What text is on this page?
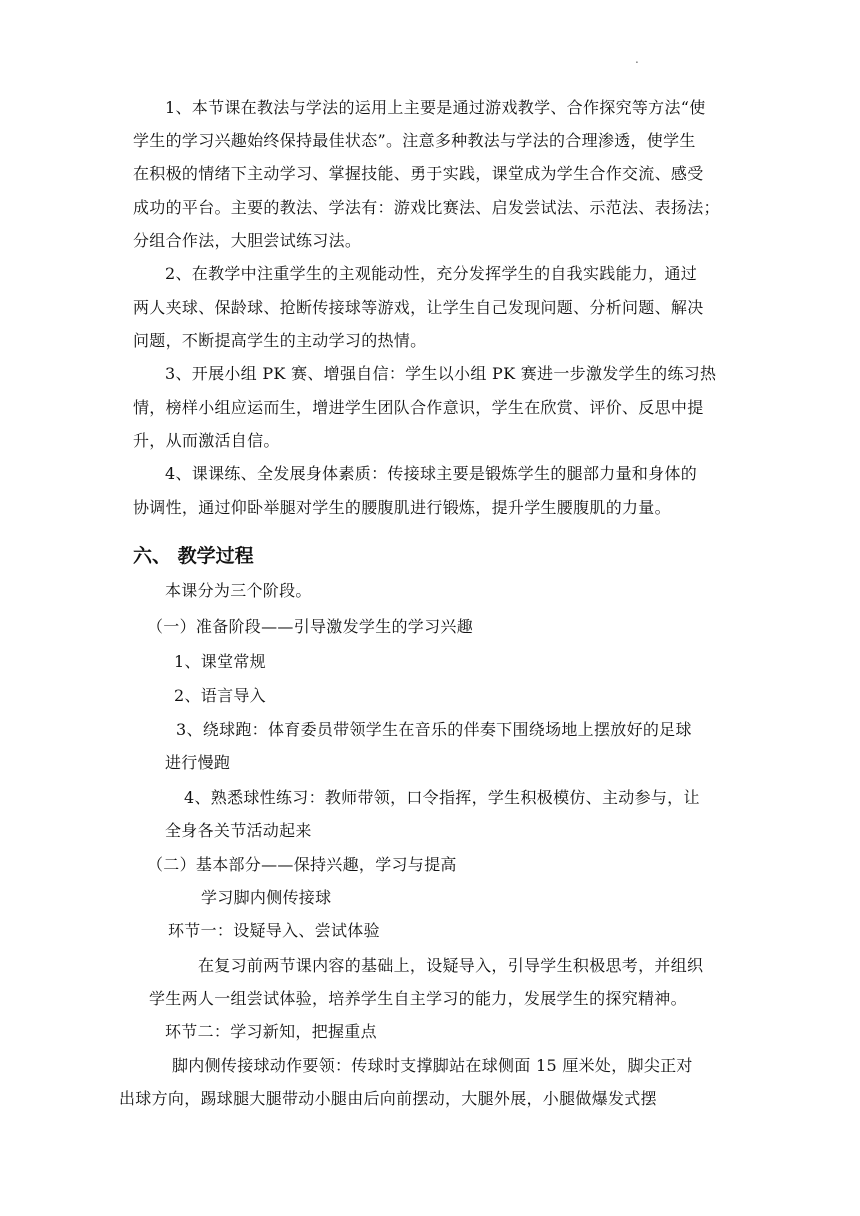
.
1、本节课在教法与学法的运用上主要是通过游戏教学、合作探究等方法“使
学生的学习兴趣始终保持最佳状态”。注意多种教法与学法的合理渗透，使学生
在积极的情绪下主动学习、掌握技能、勇于实践，课堂成为学生合作交流、感受
成功的平台。主要的教法、学法有：游戏比赛法、启发尝试法、示范法、表扬法；
分组合作法，大胆尝试练习法。
2、在教学中注重学生的主观能动性，充分发挥学生的自我实践能力，通过
两人夹球、保龄球、抢断传接球等游戏，让学生自己发现问题、分析问题、解决
问题，不断提高学生的主动学习的热情。
3、开展小组 PK 赛、增强自信：学生以小组 PK 赛进一步激发学生的练习热
情，榜样小组应运而生，增进学生团队合作意识，学生在欣赏、评价、反思中提
升，从而激活自信。
4、课课练、全发展身体素质：传接球主要是锻炼学生的腿部力量和身体的
协调性，通过仰卧举腿对学生的腰腹肌进行锻炼，提升学生腰腹肌的力量。
六、 教学过程
本课分为三个阶段。
（一）准备阶段——引导激发学生的学习兴趣
1、课堂常规
2、语言导入
3、绕球跑：体育委员带领学生在音乐的伴奏下围绕场地上摆放好的足球
进行慢跑
4、熟悉球性练习：教师带领，口令指挥，学生积极模仿、主动参与，让
全身各关节活动起来
（二）基本部分——保持兴趣，学习与提高
学习脚内侧传接球
环节一：设疑导入、尝试体验
在复习前两节课内容的基础上，设疑导入，引导学生积极思考，并组织
学生两人一组尝试体验，培养学生自主学习的能力，发展学生的探究精神。
环节二：学习新知，把握重点
脚内侧传接球动作要领：传球时支撑脚站在球侧面 15 厘米处，脚尖正对
出球方向，踢球腿大腿带动小腿由后向前摆动，大腿外展，小腿做爆发式摆
